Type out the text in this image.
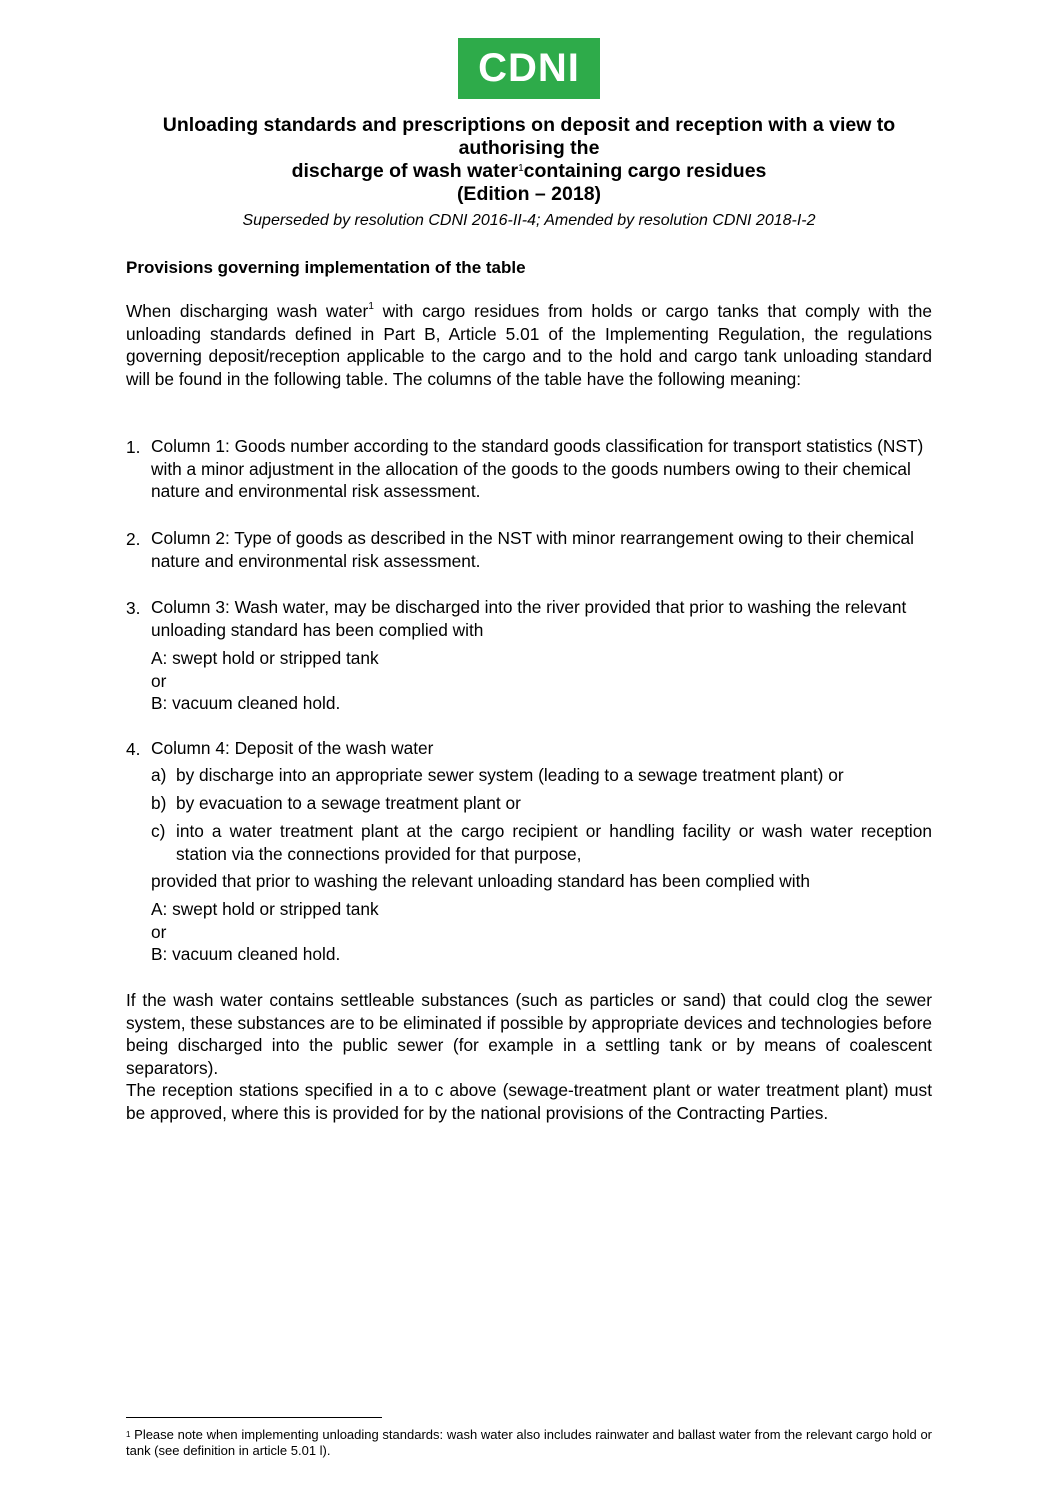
CDNI
Unloading standards and prescriptions on deposit and reception with a view to
authorising the
discharge of wash water$^1$containing cargo residues
(Edition – 2018)
Superseded by resolution CDNI 2016-II-4; Amended by resolution CDNI 2018-I-2
Provisions governing implementation of the table
When discharging wash water$^1$ with cargo residues from holds or cargo tanks that comply with the unloading standards defined in Part B, Article 5.01 of the Implementing Regulation, the regulations governing deposit/reception applicable to the cargo and to the hold and cargo tank unloading standard will be found in the following table. The columns of the table have the following meaning:
1. Column 1: Goods number according to the standard goods classification for transport statistics (NST) with a minor adjustment in the allocation of the goods to the goods numbers owing to their chemical nature and environmental risk assessment.
2. Column 2: Type of goods as described in the NST with minor rearrangement owing to their chemical nature and environmental risk assessment.
3. Column 3: Wash water, may be discharged into the river provided that prior to washing the relevant unloading standard has been complied with
A: swept hold or stripped tank
or
B: vacuum cleaned hold.
4. Column 4: Deposit of the wash water
a) by discharge into an appropriate sewer system (leading to a sewage treatment plant) or
b) by evacuation to a sewage treatment plant or
c) into a water treatment plant at the cargo recipient or handling facility or wash water reception station via the connections provided for that purpose,
provided that prior to washing the relevant unloading standard has been complied with
A: swept hold or stripped tank
or
B: vacuum cleaned hold.
If the wash water contains settleable substances (such as particles or sand) that could clog the sewer system, these substances are to be eliminated if possible by appropriate devices and technologies before being discharged into the public sewer (for example in a settling tank or by means of coalescent separators).
The reception stations specified in a to c above (sewage-treatment plant or water treatment plant) must be approved, where this is provided for by the national provisions of the Contracting Parties.
$^1$ Please note when implementing unloading standards: wash water also includes rainwater and ballast water from the relevant cargo hold or tank (see definition in article 5.01 l).
